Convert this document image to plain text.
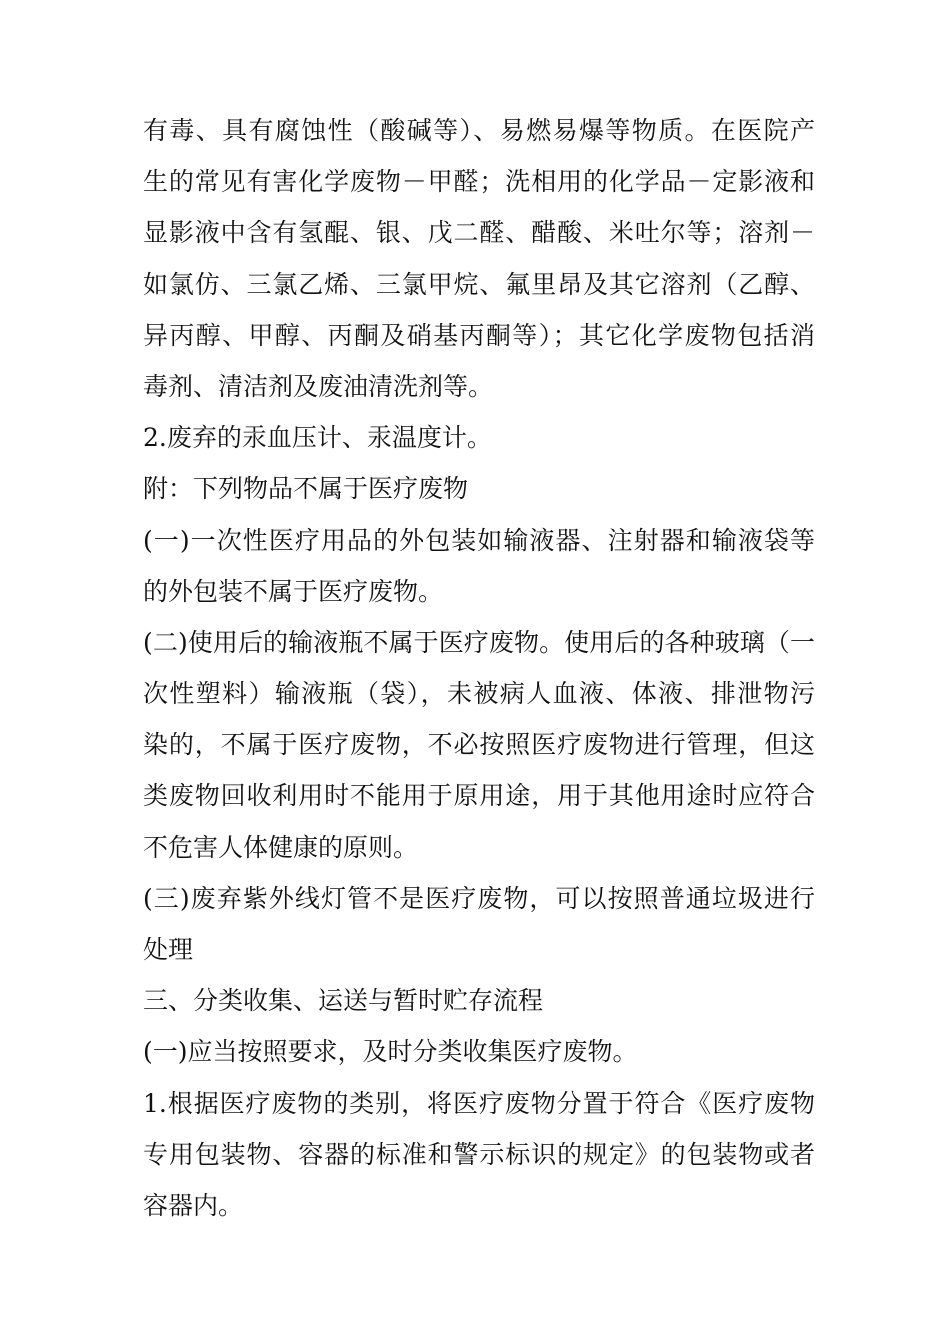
有毒、具有腐蚀性（酸碱等）、易燃易爆等物质。在医院产
生的常见有害化学废物－甲醛；洗相用的化学品－定影液和
显影液中含有氢醌、银、戊二醛、醋酸、米吐尔等；溶剂－
如氯仿、三氯乙烯、三氯甲烷、氟里昂及其它溶剂（乙醇、
异丙醇、甲醇、丙酮及硝基丙酮等）；其它化学废物包括消
毒剂、清洁剂及废油清洗剂等。
2.废弃的汞血压计、汞温度计。
附：下列物品不属于医疗废物
(一)一次性医疗用品的外包装如输液器、注射器和输液袋等
的外包装不属于医疗废物。
(二)使用后的输液瓶不属于医疗废物。使用后的各种玻璃（一
次性塑料）输液瓶（袋），未被病人血液、体液、排泄物污
染的，不属于医疗废物，不必按照医疗废物进行管理，但这
类废物回收利用时不能用于原用途，用于其他用途时应符合
不危害人体健康的原则。
(三)废弃紫外线灯管不是医疗废物，可以按照普通垃圾进行
处理
三、分类收集、运送与暂时贮存流程
(一)应当按照要求，及时分类收集医疗废物。
1.根据医疗废物的类别，将医疗废物分置于符合《医疗废物
专用包装物、容器的标准和警示标识的规定》的包装物或者
容器内。
